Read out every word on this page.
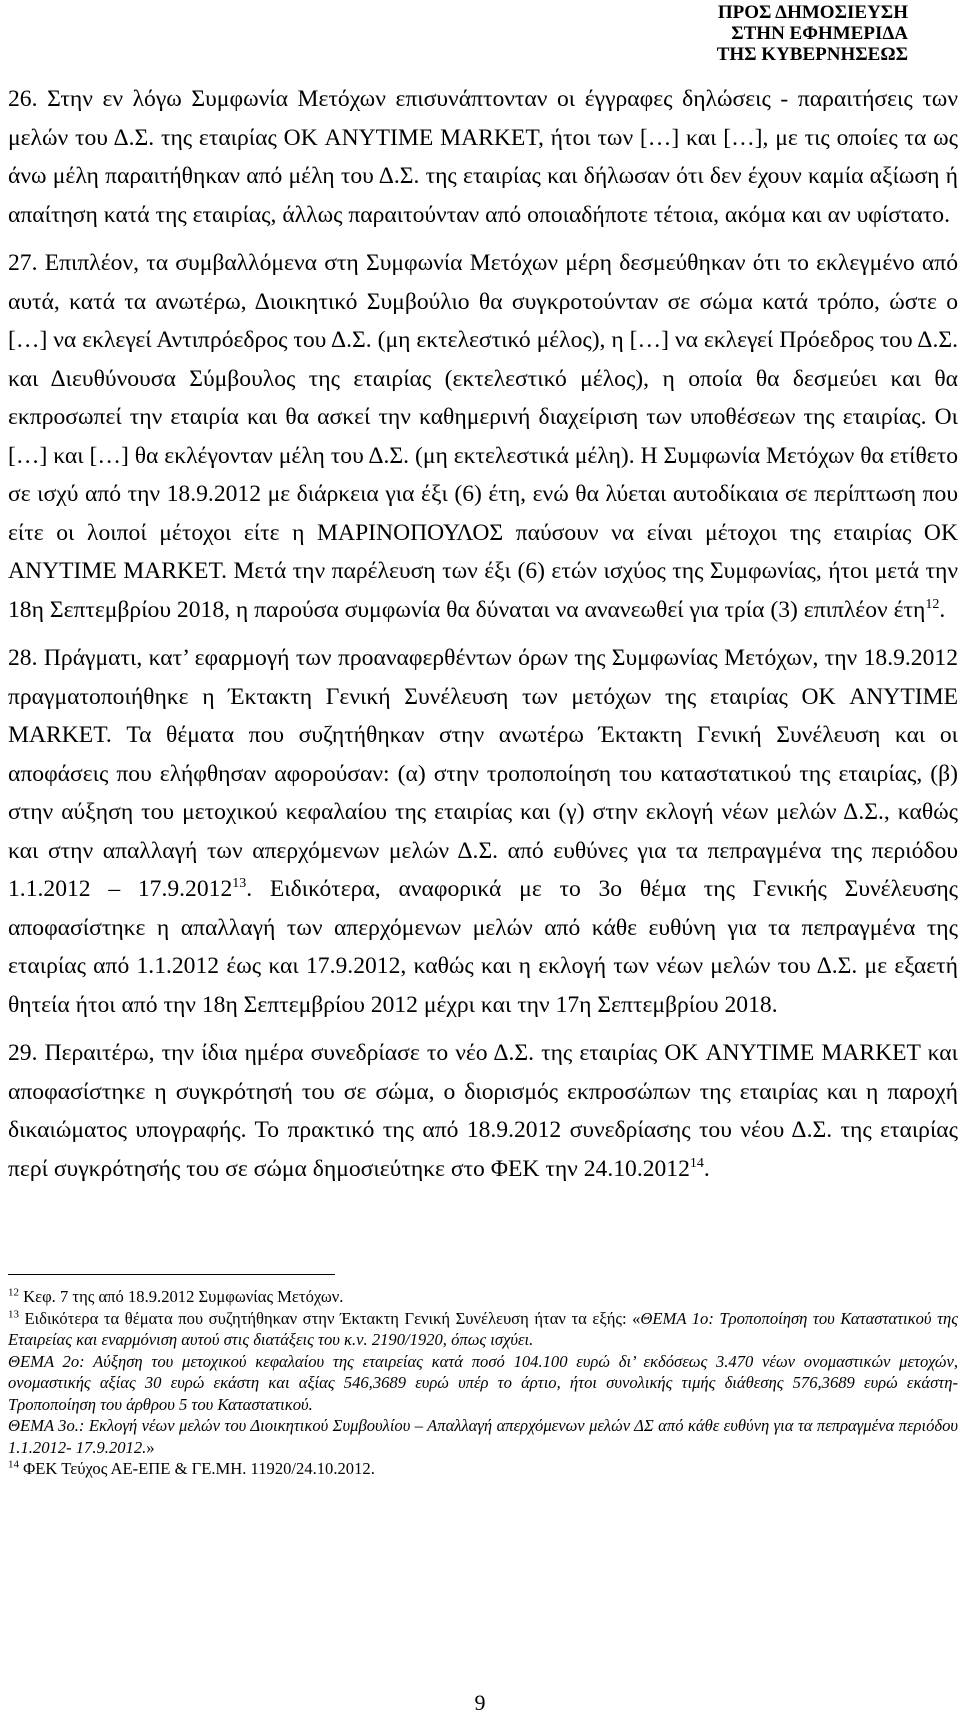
ΠΡΟΣ ΔΗΜΟΣΙΕΥΣΗ
ΣΤΗΝ ΕΦΗΜΕΡΙΔΑ
ΤΗΣ ΚΥΒΕΡΝΗΣΕΩΣ

26. Στην εν λόγω Συμφωνία Μετόχων επισυνάπτονταν οι έγγραφες δηλώσεις - παραιτήσεις των μελών του Δ.Σ. της εταιρίας ΟΚ ANYTIME MARKET, ήτοι των […] και […], με τις οποίες τα ως άνω μέλη παραιτήθηκαν από μέλη του Δ.Σ. της εταιρίας και δήλωσαν ότι δεν έχουν καμία αξίωση ή απαίτηση κατά της εταιρίας, άλλως παραιτούνταν από οποιαδήποτε τέτοια, ακόμα και αν υφίστατο.

27. Επιπλέον, τα συμβαλλόμενα στη Συμφωνία Μετόχων μέρη δεσμεύθηκαν ότι το εκλεγμένο από αυτά, κατά τα ανωτέρω, Διοικητικό Συμβούλιο θα συγκροτούνταν σε σώμα κατά τρόπο, ώστε ο […] να εκλεγεί Αντιπρόεδρος του Δ.Σ. (μη εκτελεστικό μέλος), η […] να εκλεγεί Πρόεδρος του Δ.Σ. και Διευθύνουσα Σύμβουλος της εταιρίας (εκτελεστικό μέλος), η οποία θα δεσμεύει και θα εκπροσωπεί την εταιρία και θα ασκεί την καθημερινή διαχείριση των υποθέσεων της εταιρίας. Οι […] και […] θα εκλέγονταν μέλη του Δ.Σ. (μη εκτελεστικά μέλη). Η Συμφωνία Μετόχων θα ετίθετο σε ισχύ από την 18.9.2012 με διάρκεια για έξι (6) έτη, ενώ θα λύεται αυτοδίκαια σε περίπτωση που είτε οι λοιποί μέτοχοι είτε η ΜΑΡΙΝΟΠΟΥΛΟΣ παύσουν να είναι μέτοχοι της εταιρίας ΟΚ ANYTIME MARKET. Μετά την παρέλευση των έξι (6) ετών ισχύος της Συμφωνίας, ήτοι μετά την 18η Σεπτεμβρίου 2018, η παρούσα συμφωνία θα δύναται να ανανεωθεί για τρία (3) επιπλέον έτη$^{12}$.

28. Πράγματι, κατ’ εφαρμογή των προαναφερθέντων όρων της Συμφωνίας Μετόχων, την 18.9.2012 πραγματοποιήθηκε η Έκτακτη Γενική Συνέλευση των μετόχων της εταιρίας ΟΚ ANYTIME MARKET. Τα θέματα που συζητήθηκαν στην ανωτέρω Έκτακτη Γενική Συνέλευση και οι αποφάσεις που ελήφθησαν αφορούσαν: (α) στην τροποποίηση του καταστατικού της εταιρίας, (β) στην αύξηση του μετοχικού κεφαλαίου της εταιρίας και (γ) στην εκλογή νέων μελών Δ.Σ., καθώς και στην απαλλαγή των απερχόμενων μελών Δ.Σ. από ευθύνες για τα πεπραγμένα της περιόδου 1.1.2012 – 17.9.2012$^{13}$. Ειδικότερα, αναφορικά με το 3ο θέμα της Γενικής Συνέλευσης αποφασίστηκε η απαλλαγή των απερχόμενων μελών από κάθε ευθύνη για τα πεπραγμένα της εταιρίας από 1.1.2012 έως και 17.9.2012, καθώς και η εκλογή των νέων μελών του Δ.Σ. με εξαετή θητεία ήτοι από την 18η Σεπτεμβρίου 2012 μέχρι και την 17η Σεπτεμβρίου 2018.

29. Περαιτέρω, την ίδια ημέρα συνεδρίασε το νέο Δ.Σ. της εταιρίας ΟΚ ANYTIME MARKET και αποφασίστηκε η συγκρότησή του σε σώμα, ο διορισμός εκπροσώπων της εταιρίας και η παροχή δικαιώματος υπογραφής. Το πρακτικό της από 18.9.2012 συνεδρίασης του νέου Δ.Σ. της εταιρίας περί συγκρότησής του σε σώμα δημοσιεύτηκε στο ΦΕΚ την 24.10.2012$^{14}$.

$^{12}$ Κεφ. 7 της από 18.9.2012 Συμφωνίας Μετόχων.

$^{13}$ Ειδικότερα τα θέματα που συζητήθηκαν στην Έκτακτη Γενική Συνέλευση ήταν τα εξής: «ΘΕΜΑ 1ο: Τροποποίηση του Καταστατικού της Εταιρείας και εναρμόνιση αυτού στις διατάξεις του κ.ν. 2190/1920, όπως ισχύει.

ΘΕΜΑ 2ο: Αύξηση του μετοχικού κεφαλαίου της εταιρείας κατά ποσό 104.100 ευρώ δι’ εκδόσεως 3.470 νέων ονομαστικών μετοχών, ονομαστικής αξίας 30 ευρώ εκάστη και αξίας 546,3689 ευρώ υπέρ το άρτιο, ήτοι συνολικής τιμής διάθεσης 576,3689 ευρώ εκάστη- Τροποποίηση του άρθρου 5 του Καταστατικού.

ΘΕΜΑ 3ο.: Εκλογή νέων μελών του Διοικητικού Συμβουλίου – Απαλλαγή απερχόμενων μελών ΔΣ από κάθε ευθύνη για τα πεπραγμένα περιόδου 1.1.2012- 17.9.2012.»

$^{14}$ ΦΕΚ Τεύχος ΑΕ-ΕΠΕ & ΓΕ.ΜΗ. 11920/24.10.2012.

9
